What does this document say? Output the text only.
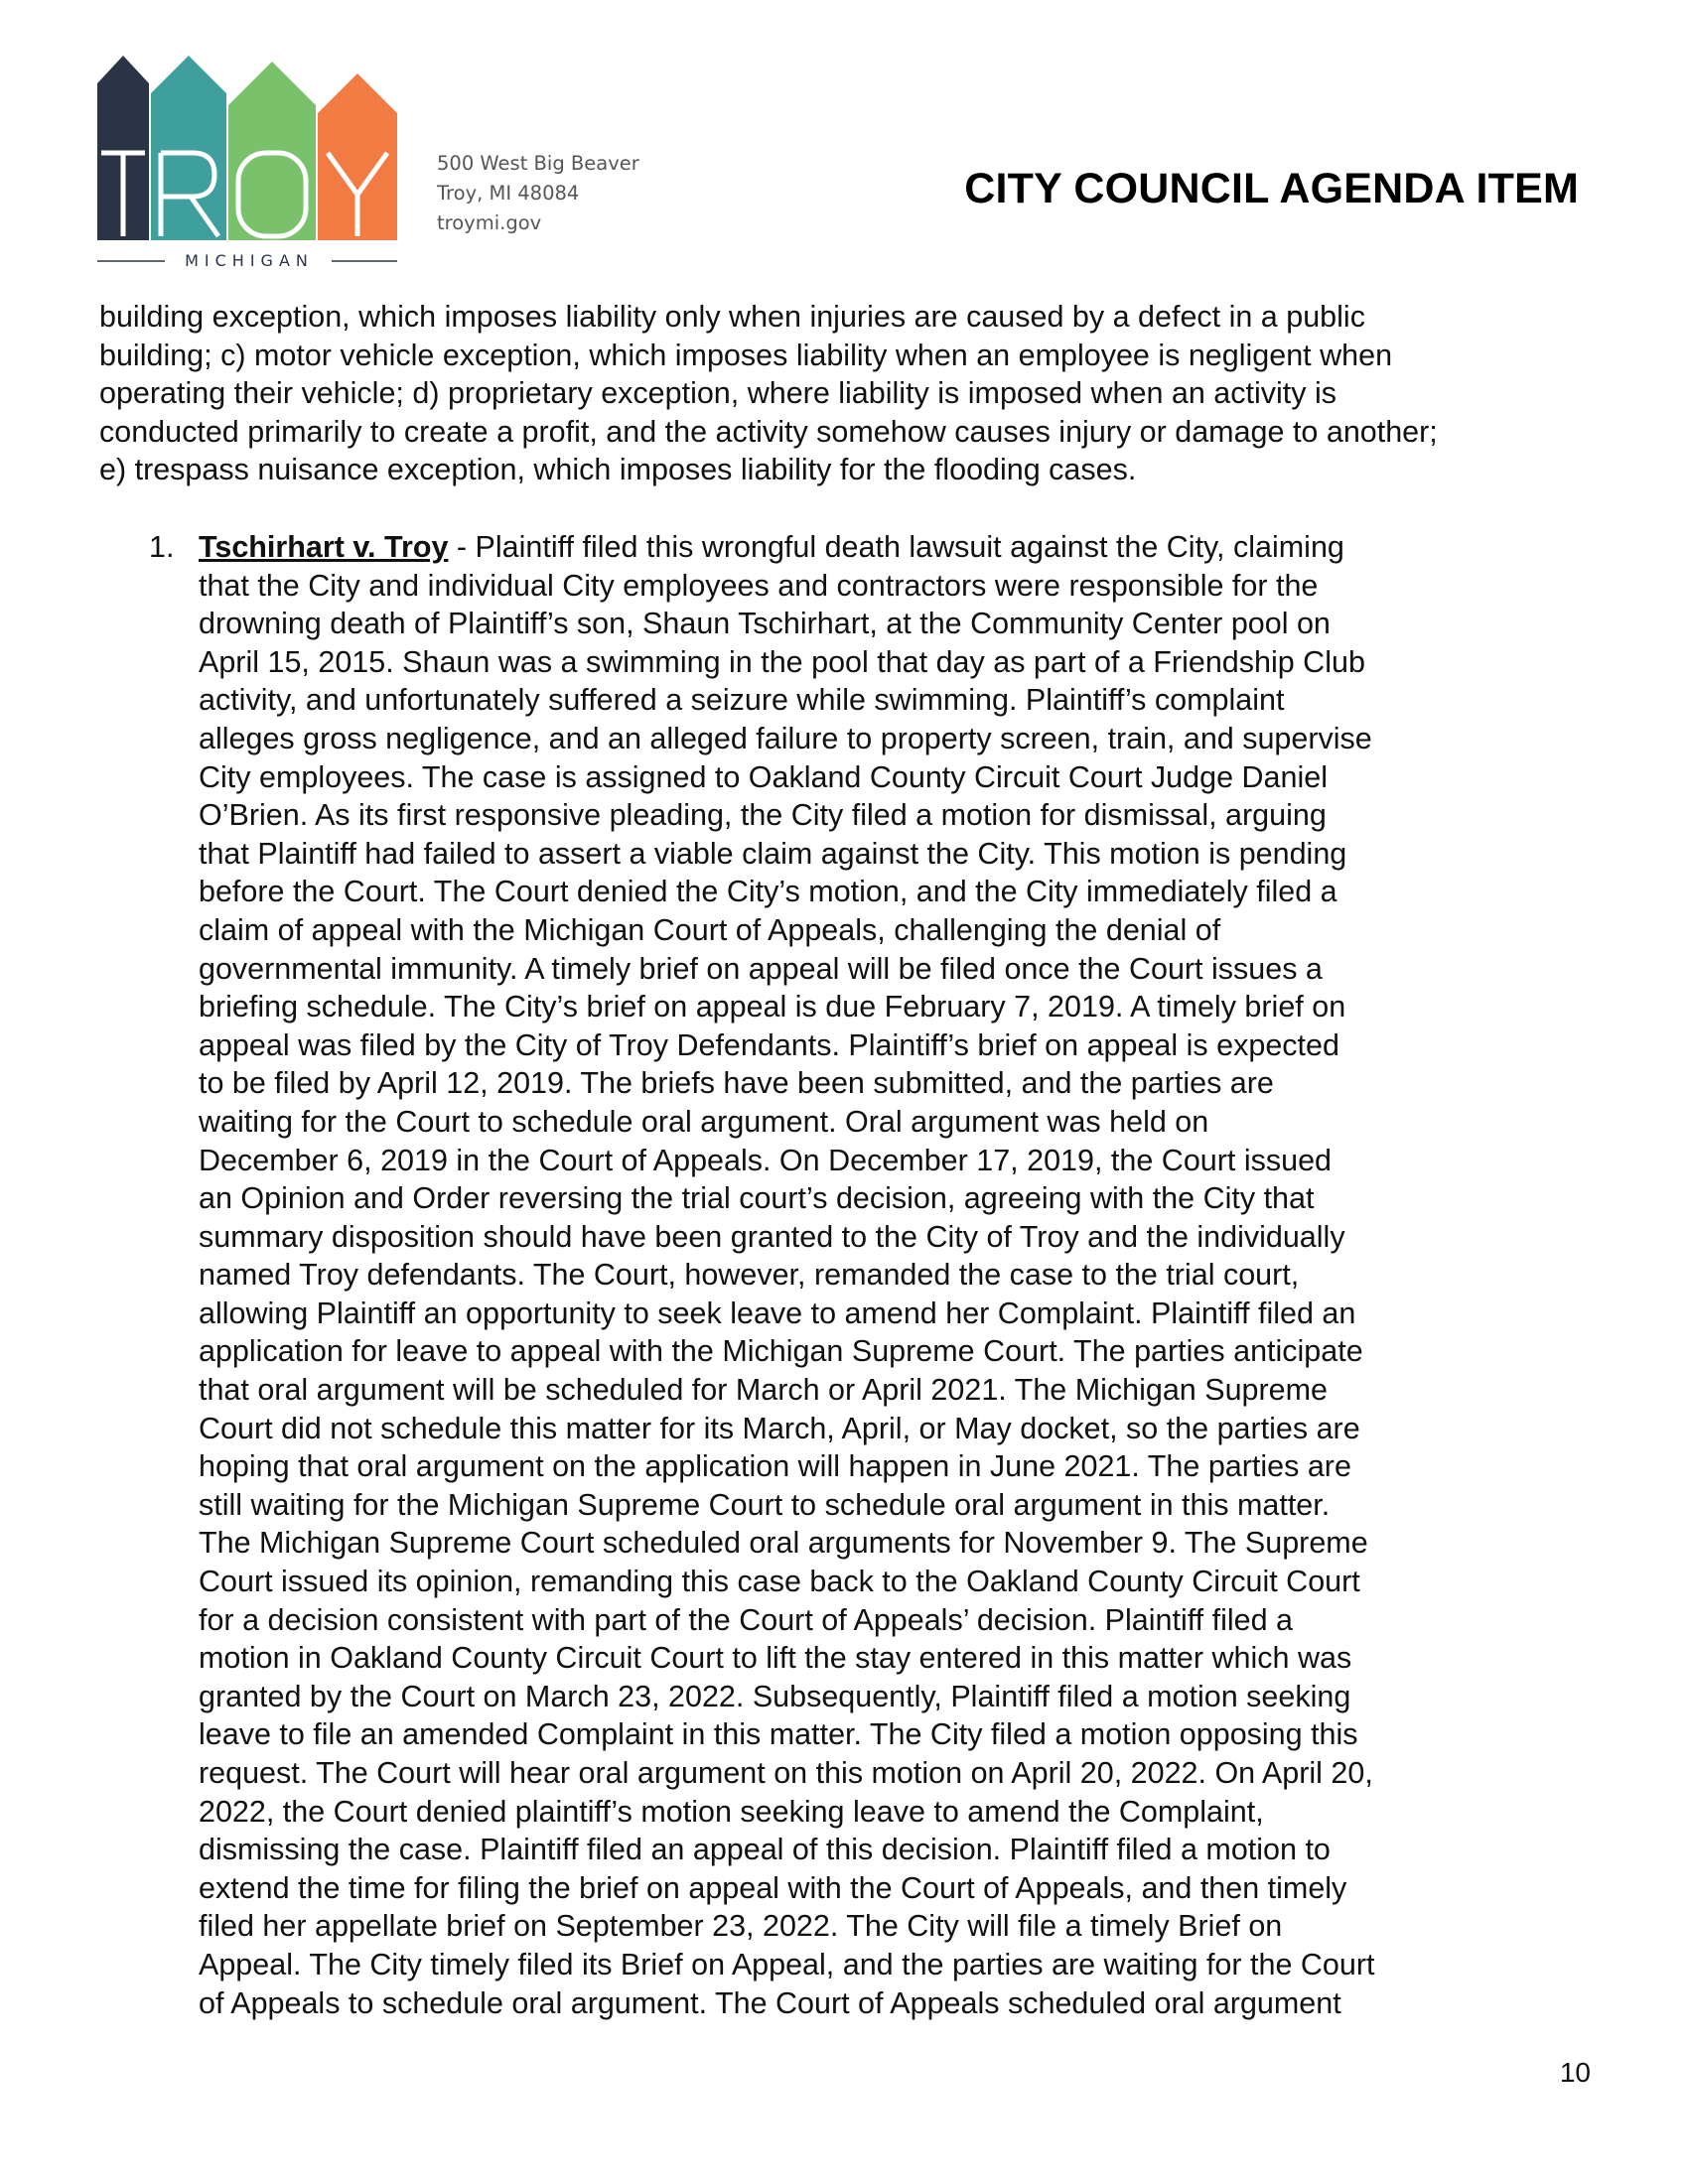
MICHIGAN
500 West Big Beaver
Troy, MI 48084
troymi.gov
CITY COUNCIL AGENDA ITEM
building exception, which imposes liability only when injuries are caused by a defect in a public
building; c) motor vehicle exception, which imposes liability when an employee is negligent when
operating their vehicle; d) proprietary exception, where liability is imposed when an activity is
conducted primarily to create a profit, and the activity somehow causes injury or damage to another;
e) trespass nuisance exception, which imposes liability for the flooding cases.
1. Tschirhart v. Troy - Plaintiff filed this wrongful death lawsuit against the City, claiming
that the City and individual City employees and contractors were responsible for the
drowning death of Plaintiff’s son, Shaun Tschirhart, at the Community Center pool on
April 15, 2015. Shaun was a swimming in the pool that day as part of a Friendship Club
activity, and unfortunately suffered a seizure while swimming. Plaintiff’s complaint
alleges gross negligence, and an alleged failure to property screen, train, and supervise
City employees. The case is assigned to Oakland County Circuit Court Judge Daniel
O’Brien. As its first responsive pleading, the City filed a motion for dismissal, arguing
that Plaintiff had failed to assert a viable claim against the City. This motion is pending
before the Court. The Court denied the City’s motion, and the City immediately filed a
claim of appeal with the Michigan Court of Appeals, challenging the denial of
governmental immunity. A timely brief on appeal will be filed once the Court issues a
briefing schedule. The City’s brief on appeal is due February 7, 2019. A timely brief on
appeal was filed by the City of Troy Defendants. Plaintiff’s brief on appeal is expected
to be filed by April 12, 2019. The briefs have been submitted, and the parties are
waiting for the Court to schedule oral argument. Oral argument was held on
December 6, 2019 in the Court of Appeals. On December 17, 2019, the Court issued
an Opinion and Order reversing the trial court’s decision, agreeing with the City that
summary disposition should have been granted to the City of Troy and the individually
named Troy defendants. The Court, however, remanded the case to the trial court,
allowing Plaintiff an opportunity to seek leave to amend her Complaint. Plaintiff filed an
application for leave to appeal with the Michigan Supreme Court. The parties anticipate
that oral argument will be scheduled for March or April 2021. The Michigan Supreme
Court did not schedule this matter for its March, April, or May docket, so the parties are
hoping that oral argument on the application will happen in June 2021. The parties are
still waiting for the Michigan Supreme Court to schedule oral argument in this matter.
The Michigan Supreme Court scheduled oral arguments for November 9. The Supreme
Court issued its opinion, remanding this case back to the Oakland County Circuit Court
for a decision consistent with part of the Court of Appeals’ decision. Plaintiff filed a
motion in Oakland County Circuit Court to lift the stay entered in this matter which was
granted by the Court on March 23, 2022. Subsequently, Plaintiff filed a motion seeking
leave to file an amended Complaint in this matter. The City filed a motion opposing this
request. The Court will hear oral argument on this motion on April 20, 2022. On April 20,
2022, the Court denied plaintiff’s motion seeking leave to amend the Complaint,
dismissing the case. Plaintiff filed an appeal of this decision. Plaintiff filed a motion to
extend the time for filing the brief on appeal with the Court of Appeals, and then timely
filed her appellate brief on September 23, 2022. The City will file a timely Brief on
Appeal. The City timely filed its Brief on Appeal, and the parties are waiting for the Court
of Appeals to schedule oral argument. The Court of Appeals scheduled oral argument
10
